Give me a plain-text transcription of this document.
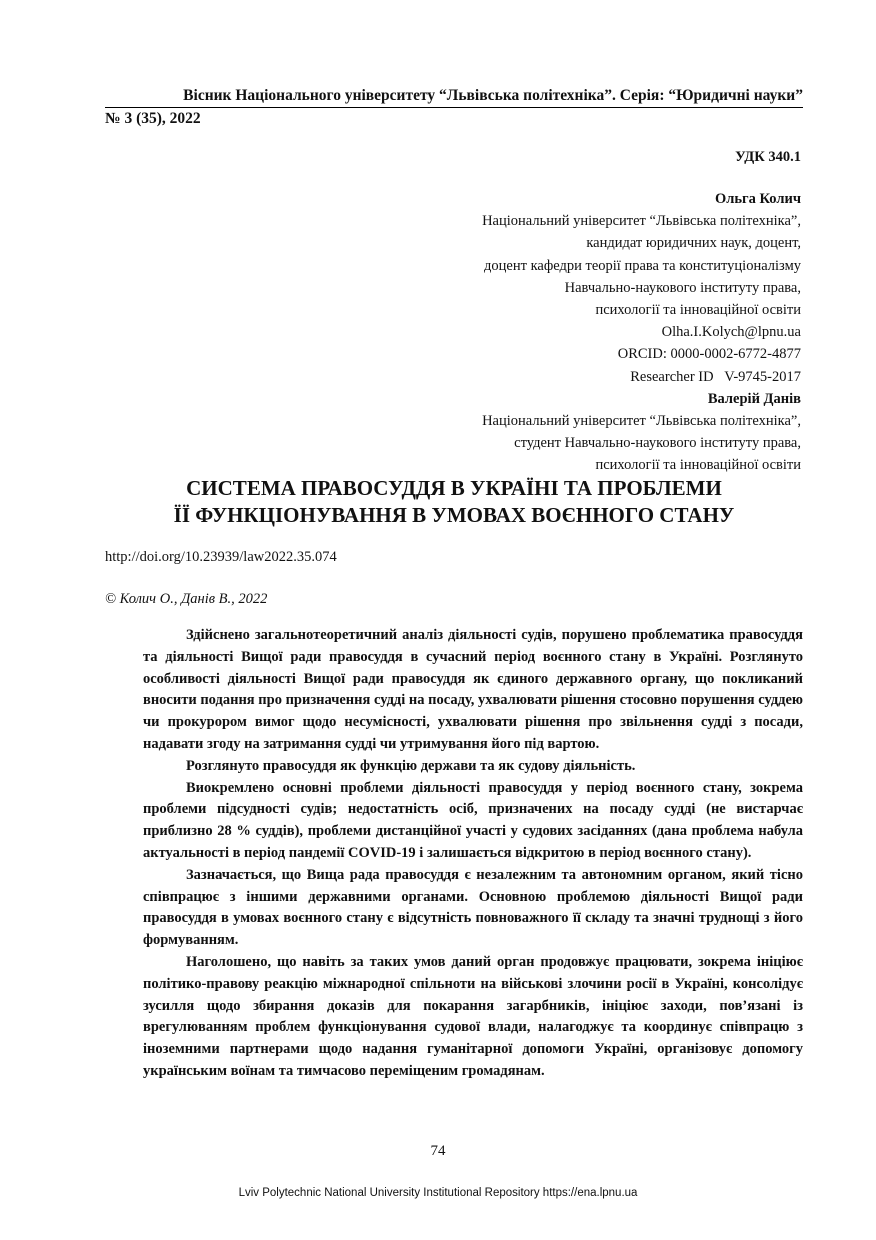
Вісник Національного університету “Львівська політехніка”. Серія: “Юридичні науки”
№ 3 (35), 2022
УДК 340.1
Ольга Колич
Національний університет “Львівська політехніка”,
кандидат юридичних наук, доцент,
доцент кафедри теорії права та конституціоналізму
Навчально-наукового інституту права,
психології та інноваційної освіти
Olha.I.Kolych@lpnu.ua
ORCID: 0000-0002-6772-4877
Researcher ID   V-9745-2017
Валерій Данів
Національний університет “Львівська політехніка”,
студент Навчально-наукового інституту права,
психології та інноваційної освіти
СИСТЕМА ПРАВОСУДДЯ В УКРАЇНІ ТА ПРОБЛЕМИ
ЇЇ ФУНКЦІОНУВАННЯ В УМОВАХ ВОЄННОГО СТАНУ
http://doi.org/10.23939/law2022.35.074
© Колич О., Данів В., 2022

Здійснено загальнотеоретичний аналіз діяльності судів, порушено проблематика правосуддя та діяльності Вищої ради правосуддя в сучасний період воєнного стану в Україні. Розглянуто особливості діяльності Вищої ради правосуддя як єдиного державного органу, що покликаний вносити подання про призначення судді на посаду, ухвалювати рішення стосовно порушення суддею чи прокурором вимог щодо несумісності, ухвалювати рішення про звільнення судді з посади, надавати згоду на затримання судді чи утримування його під вартою.

Розглянуто правосуддя як функцію держави та як судову діяльність.

Виокремлено основні проблеми діяльності правосуддя у період воєнного стану, зокрема проблеми підсудності судів; недостатність осіб, призначених на посаду судді (не вистарчає приблизно 28 % суддів), проблеми дистанційної участі у судових засіданнях (дана проблема набула актуальності в період пандемії COVID-19 і залишається відкритою в період воєнного стану).

Зазначається, що Вища рада правосуддя є незалежним та автономним органом, який тісно співпрацює з іншими державними органами. Основною проблемою діяльності Вищої ради правосуддя в умовах воєнного стану є відсутність повноважного її складу та значні труднощі з його формуванням.

Наголошено, що навіть за таких умов даний орган продовжує працювати, зокрема ініціює політико-правову реакцію міжнародної спільноти на військові злочини росії в Україні, консолідує зусилля щодо збирання доказів для покарання загарбників, ініціює заходи, пов’язані із врегулюванням проблем функціонування судової влади, налагоджує та координує співпрацю з іноземними партнерами щодо надання гуманітарної допомоги Україні, організовує допомогу українським воїнам та тимчасово переміщеним громадянам.

74
Lviv Polytechnic National University Institutional Repository https://ena.lpnu.ua
